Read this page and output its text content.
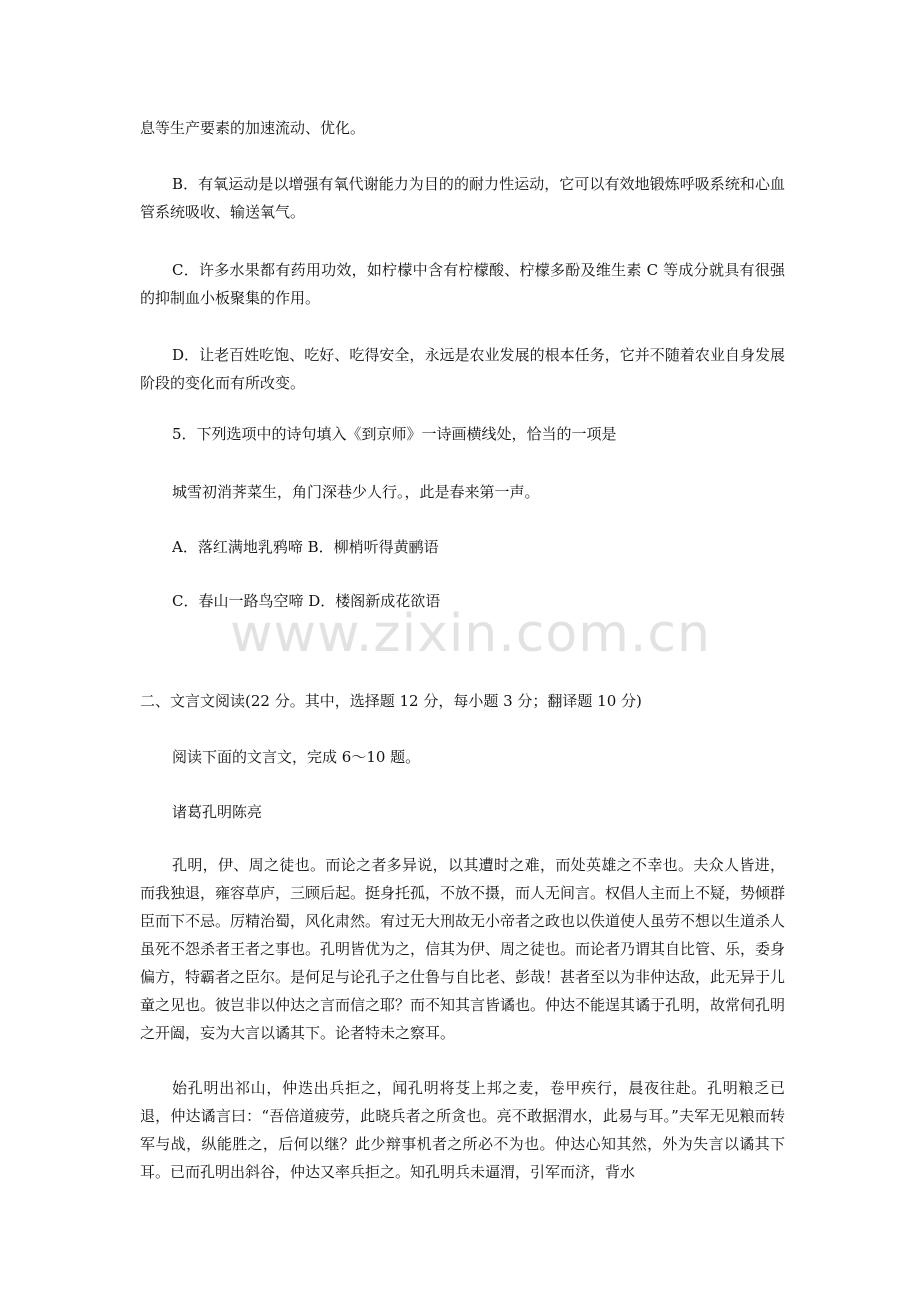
息等生产要素的加速流动、优化。
B．有氧运动是以增强有氧代谢能力为目的的耐力性运动，它可以有效地锻炼呼吸系统和心血管系统吸收、输送氧气。
C．许多水果都有药用功效，如柠檬中含有柠檬酸、柠檬多酚及维生素 C 等成分就具有很强的抑制血小板聚集的作用。
D．让老百姓吃饱、吃好、吃得安全，永远是农业发展的根本任务，它并不随着农业自身发展阶段的变化而有所改变。
5．下列选项中的诗句填入《到京师》一诗画横线处，恰当的一项是
城雪初消荠菜生，角门深巷少人行。，此是春来第一声。
A．落红满地乳鸦啼 B．柳梢听得黄鹂语
C．春山一路鸟空啼 D．楼阁新成花欲语
www.zixin.com.cn
二、文言文阅读(22 分。其中，选择题 12 分，每小题 3 分；翻译题 10 分)
阅读下面的文言文，完成 6～10 题。
诸葛孔明陈亮
孔明，伊、周之徒也。而论之者多异说，以其遭时之难，而处英雄之不幸也。夫众人皆进，而我独退，雍容草庐，三顾后起。挺身托孤，不放不摄，而人无间言。权倡人主而上不疑，势倾群臣而下不忌。厉精治蜀，风化肃然。宥过无大刑故无小帝者之政也以佚道使人虽劳不想以生道杀人虽死不怨杀者王者之事也。孔明皆优为之，信其为伊、周之徒也。而论者乃谓其自比管、乐，委身偏方，特霸者之臣尔。是何足与论孔子之仕鲁与自比老、彭哉！甚者至以为非仲达敌，此无异于儿童之见也。彼岂非以仲达之言而信之耶？而不知其言皆谲也。仲达不能逞其谲于孔明，故常伺孔明之开阖，妄为大言以谲其下。论者特未之察耳。
始孔明出祁山，仲迭出兵拒之，闻孔明将芟上邦之麦，卷甲疾行，晨夜往赴。孔明粮乏已退，仲达谲言曰：“吾倍道疲劳，此晓兵者之所贪也。亮不敢据渭水，此易与耳。”夫军无见粮而转军与战，纵能胜之，后何以继？此少辩事机者之所必不为也。仲达心知其然，外为失言以谲其下耳。已而孔明出斜谷，仲达又率兵拒之。知孔明兵未逼渭，引军而济，背水
